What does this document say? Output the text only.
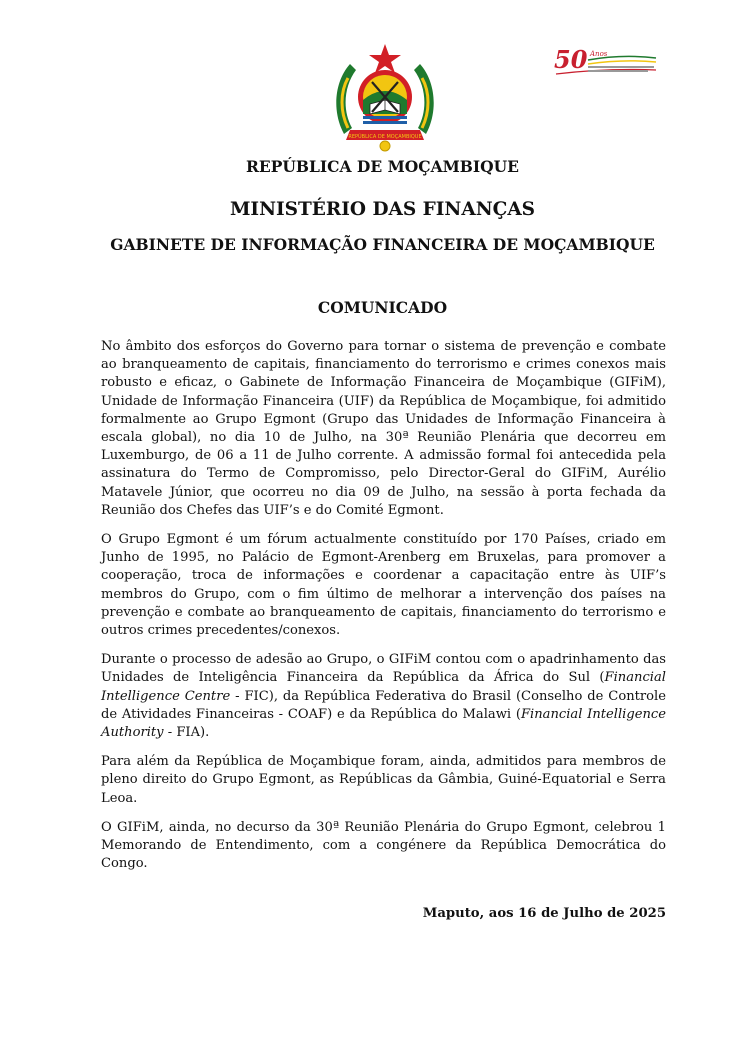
REPÚBLICA DE MOÇAMBIQUE
50 Anos
REPÚBLICA DE MOÇAMBIQUE
MINISTÉRIO DAS FINANÇAS
GABINETE DE INFORMAÇÃO FINANCEIRA DE MOÇAMBIQUE
COMUNICADO

No âmbito dos esforços do Governo para tornar o sistema de prevenção e combate ao branqueamento de capitais, financiamento do terrorismo e crimes conexos mais robusto e eficaz, o Gabinete de Informação Financeira de Moçambique (GIFiM), Unidade de Informação Financeira (UIF) da República de Moçambique, foi admitido formalmente ao Grupo Egmont (Grupo das Unidades de Informação Financeira à escala global), no dia 10 de Julho, na 30ª Reunião Plenária que decorreu em Luxemburgo, de 06 a 11 de Julho corrente. A admissão formal foi antecedida pela assinatura do Termo de Compromisso, pelo Director-Geral do GIFiM, Aurélio Matavele Júnior, que ocorreu no dia 09 de Julho, na sessão à porta fechada da Reunião dos Chefes das UIF’s e do Comité Egmont.

O Grupo Egmont é um fórum actualmente constituído por 170 Países, criado em Junho de 1995, no Palácio de Egmont-Arenberg em Bruxelas, para promover a cooperação, troca de informações e coordenar a capacitação entre às UIF’s membros do Grupo, com o fim último de melhorar a intervenção dos países na prevenção e combate ao branqueamento de capitais, financiamento do terrorismo e outros crimes precedentes/conexos.

Durante o processo de adesão ao Grupo, o GIFiM contou com o apadrinhamento das Unidades de Inteligência Financeira da República da África do Sul (Financial Intelligence Centre - FIC), da República Federativa do Brasil (Conselho de Controle de Atividades Financeiras - COAF) e da República do Malawi (Financial Intelligence Authority - FIA).

Para além da República de Moçambique foram, ainda, admitidos para membros de pleno direito do Grupo Egmont, as Repúblicas da Gâmbia, Guiné-Equatorial e Serra Leoa.

O GIFiM, ainda, no decurso da 30ª Reunião Plenária do Grupo Egmont, celebrou 1 Memorando de Entendimento, com a congénere da República Democrática do Congo.

Maputo, aos 16 de Julho de 2025
